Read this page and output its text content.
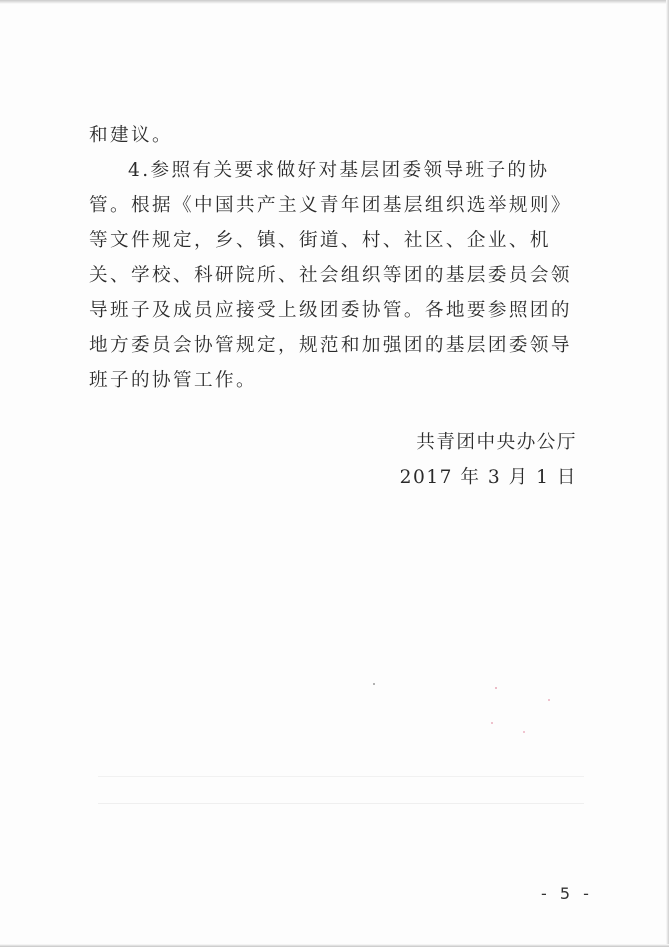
和建议。

4.参照有关要求做好对基层团委领导班子的协管。根据《中国共产主义青年团基层组织选举规则》等文件规定，乡、镇、街道、村、社区、企业、机关、学校、科研院所、社会组织等团的基层委员会领导班子及成员应接受上级团委协管。各地要参照团的地方委员会协管规定，规范和加强团的基层团委领导班子的协管工作。

共青团中央办公厅
2017 年 3 月 1 日
- 5 -
